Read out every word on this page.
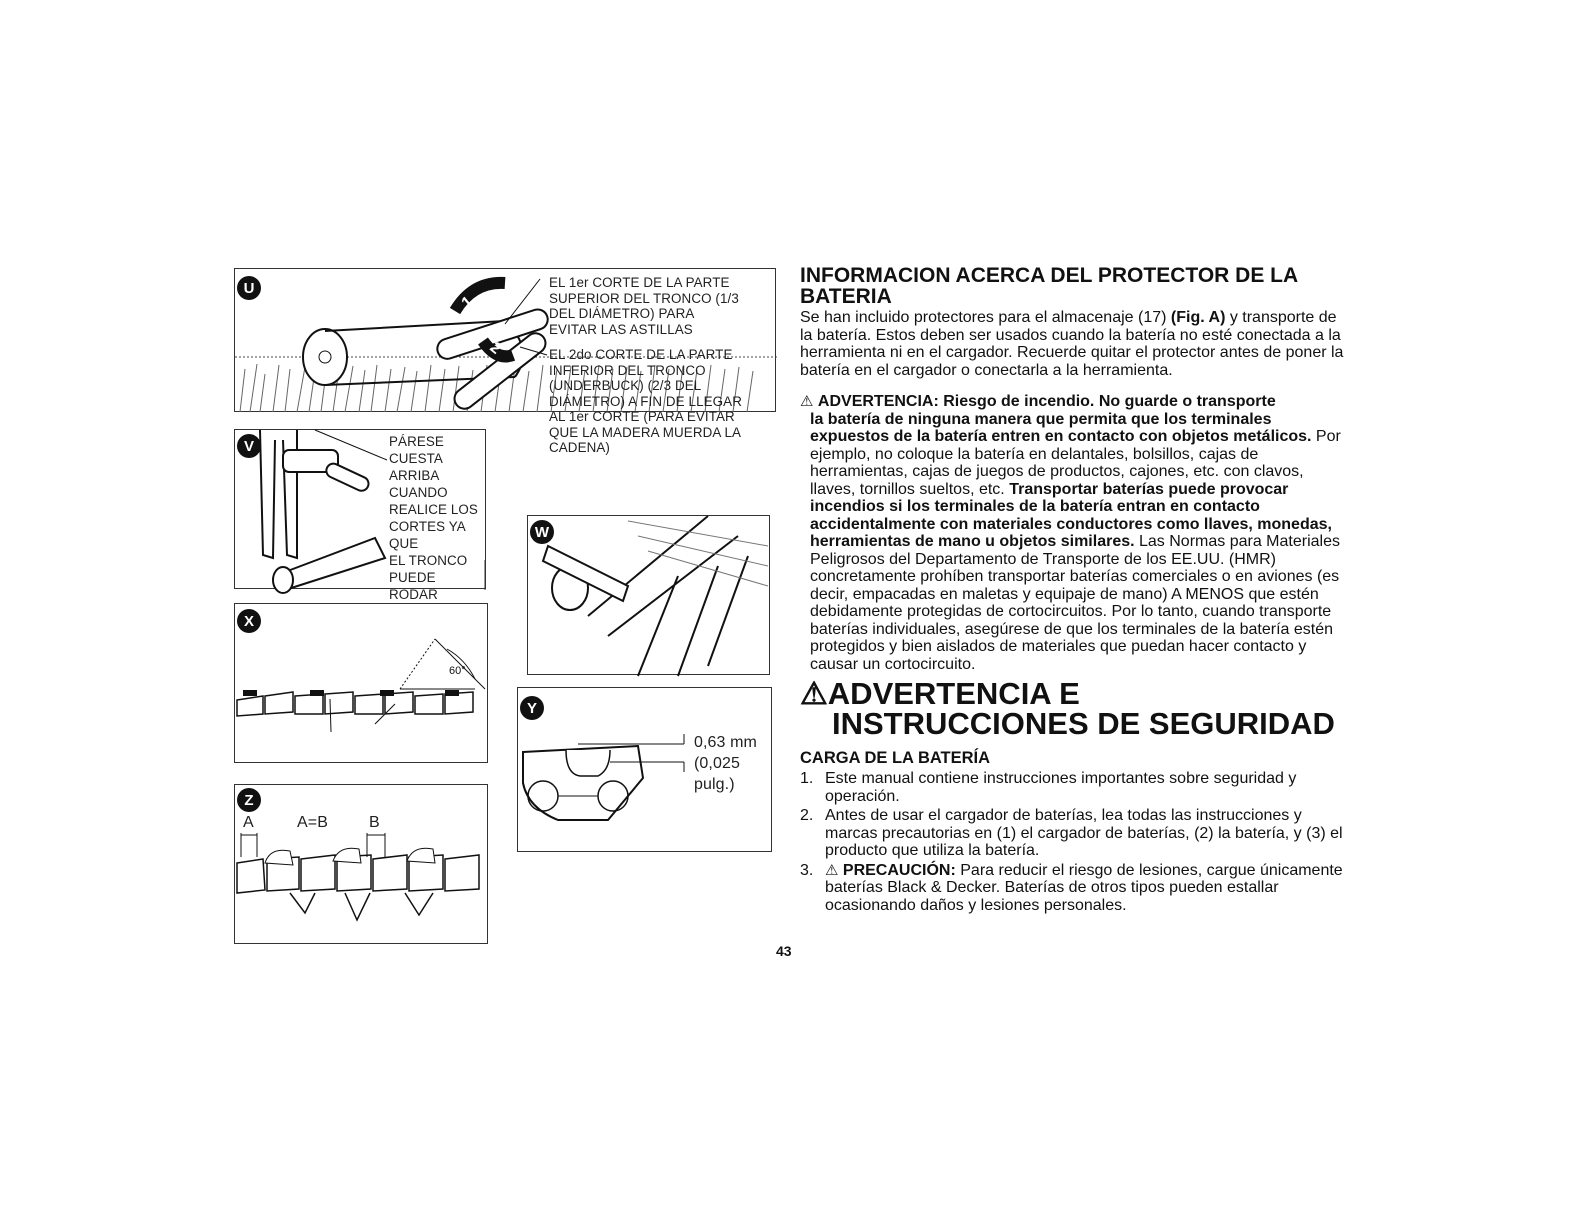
1
2
U	EL 1er CORTE DE LA PARTE
SUPERIOR DEL TRONCO (1/3
DEL DIÁMETRO) PARA
EVITAR LAS ASTILLAS
EL 2do CORTE DE LA PARTE
INFERIOR DEL TRONCO
(UNDERBUCK) (2/3 DEL
DIÁMETRO) A FIN DE LLEGAR
AL 1er CORTE (PARA EVITAR
QUE LA MADERA MUERDA LA
CADENA)
V	PÁRESE CUESTA
ARRIBA CUANDO
REALICE LOS
CORTES YA QUE
EL TRONCO
PUEDE RODAR
W
60°
X
Y
0,63 mm
(0,025
pulg.)
Z
A	A=B	B
INFORMACION ACERCA DEL PROTECTOR DE LA BATERIA

Se han incluido protectores para el almacenaje (17) (Fig. A) y transporte de la batería. Estos deben ser usados cuando la batería no esté conectada a la herramienta ni en el cargador. Recuerde quitar el protector antes de poner la batería en el cargador o conectarla a la herramienta.

⚠ ADVERTENCIA: Riesgo de incendio. No guarde o transporte

la batería de ninguna manera que permita que los terminales expuestos de la batería entren en contacto con objetos metálicos. Por ejemplo, no coloque la batería en delantales, bolsillos, cajas de herramientas, cajas de juegos de productos, cajones, etc. con clavos, llaves, tornillos sueltos, etc. Transportar baterías puede provocar incendios si los terminales de la batería entran en contacto accidentalmente con materiales conductores como llaves, monedas, herramientas de mano u objetos similares. Las Normas para Materiales Peligrosos del Departamento de Transporte de los EE.UU. (HMR) concretamente prohíben transportar baterías comerciales o en aviones (es decir, empacadas en maletas y equipaje de mano) A MENOS que estén debidamente protegidas de cortocircuitos. Por lo tanto, cuando transporte baterías individuales, asegúrese de que los terminales de la batería estén protegidos y bien aislados de materiales que puedan hacer contacto y causar un cortocircuito.

⚠ADVERTENCIA E
INSTRUCCIONES DE SEGURIDAD
CARGA DE LA BATERÍA
1. Este manual contiene instrucciones importantes sobre seguridad y operación.
2. Antes de usar el cargador de baterías, lea todas las instrucciones y marcas precautorias en (1) el cargador de baterías, (2) la batería, y (3) el producto que utiliza la batería.
3. ⚠ PRECAUCIÓN: Para reducir el riesgo de lesiones, cargue únicamente baterías Black & Decker. Baterías de otros tipos pueden estallar ocasionando daños y lesiones personales.
43
